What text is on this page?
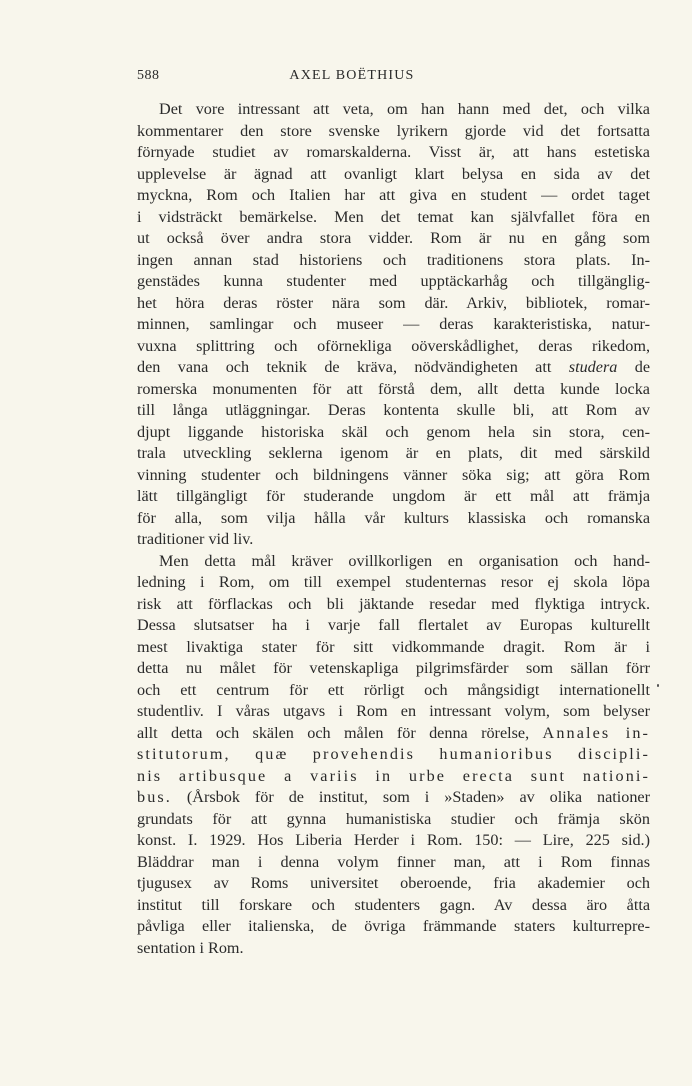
588	AXEL BOËTHIUS
Det vore intressant att veta, om han hann med det, och vilka
kommentarer den store svenske lyrikern gjorde vid det fortsatta
förnyade studiet av romarskalderna. Visst är, att hans estetiska
upplevelse är ägnad att ovanligt klart belysa en sida av det
myckna, Rom och Italien har att giva en student — ordet taget
i vidsträckt bemärkelse. Men det temat kan självfallet föra en
ut också över andra stora vidder. Rom är nu en gång som
ingen annan stad historiens och traditionens stora plats. In-
genstädes kunna studenter med upptäckarhåg och tillgänglig-
het höra deras röster nära som där. Arkiv, bibliotek, romar-
minnen, samlingar och museer — deras karakteristiska, natur-
vuxna splittring och oförnekliga oöverskådlighet, deras rikedom,
den vana och teknik de kräva, nödvändigheten att studera de
romerska monumenten för att förstå dem, allt detta kunde locka
till långa utläggningar. Deras kontenta skulle bli, att Rom av
djupt liggande historiska skäl och genom hela sin stora, cen-
trala utveckling seklerna igenom är en plats, dit med särskild
vinning studenter och bildningens vänner söka sig; att göra Rom
lätt tillgängligt för studerande ungdom är ett mål att främja
för alla, som vilja hålla vår kulturs klassiska och romanska
traditioner vid liv.
Men detta mål kräver ovillkorligen en organisation och hand-
ledning i Rom, om till exempel studenternas resor ej skola löpa
risk att förflackas och bli jäktande resedar med flyktiga intryck.
Dessa slutsatser ha i varje fall flertalet av Europas kulturellt
mest livaktiga stater för sitt vidkommande dragit. Rom är i
detta nu målet för vetenskapliga pilgrimsfärder som sällan förr
och ett centrum för ett rörligt och mångsidigt internationellt
studentliv. I våras utgavs i Rom en intressant volym, som belyser
allt detta och skälen och målen för denna rörelse, Annales in-
stitutorum, quæ provehendis humanioribus discipli-
nis artibusque a variis in urbe erecta sunt nationi-
bus. (Årsbok för de institut, som i »Staden» av olika nationer
grundats för att gynna humanistiska studier och främja skön
konst. I. 1929. Hos Liberia Herder i Rom. 150: — Lire, 225 sid.)
Bläddrar man i denna volym finner man, att i Rom finnas
tjugusex av Roms universitet oberoende, fria akademier och
institut till forskare och studenters gagn. Av dessa äro åtta
påvliga eller italienska, de övriga främmande staters kulturrepre-
sentation i Rom.
